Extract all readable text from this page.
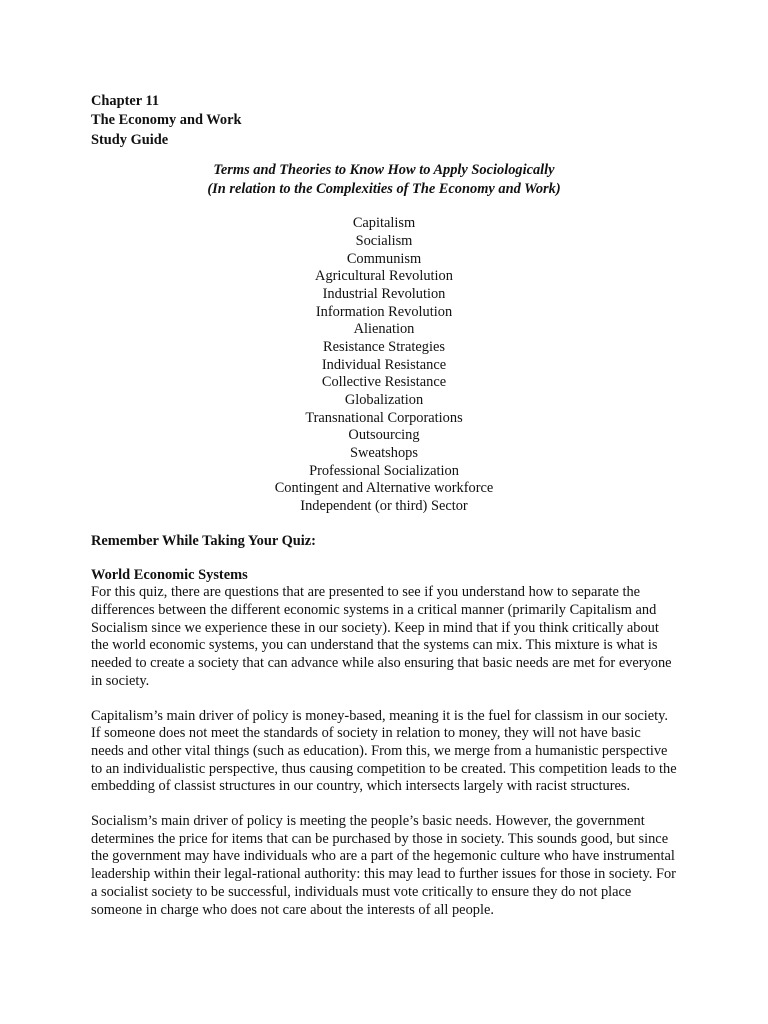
Chapter 11

The Economy and Work

Study Guide

Terms and Theories to Know How to Apply Sociologically
(In relation to the Complexities of The Economy and Work)
Capitalism
Socialism
Communism
Agricultural Revolution
Industrial Revolution
Information Revolution
Alienation
Resistance Strategies
Individual Resistance
Collective Resistance
Globalization
Transnational Corporations
Outsourcing
Sweatshops
Professional Socialization
Contingent and Alternative workforce
Independent (or third) Sector

Remember While Taking Your Quiz:

World Economic Systems

For this quiz, there are questions that are presented to see if you understand how to separate the differences between the different economic systems in a critical manner (primarily Capitalism and Socialism since we experience these in our society). Keep in mind that if you think critically about the world economic systems, you can understand that the systems can mix. This mixture is what is needed to create a society that can advance while also ensuring that basic needs are met for everyone in society.

Capitalism’s main driver of policy is money-based, meaning it is the fuel for classism in our society. If someone does not meet the standards of society in relation to money, they will not have basic needs and other vital things (such as education). From this, we merge from a humanistic perspective to an individualistic perspective, thus causing competition to be created. This competition leads to the embedding of classist structures in our country, which intersects largely with racist structures.

Socialism’s main driver of policy is meeting the people’s basic needs. However, the government determines the price for items that can be purchased by those in society. This sounds good, but since the government may have individuals who are a part of the hegemonic culture who have instrumental leadership within their legal-rational authority: this may lead to further issues for those in society. For a socialist society to be successful, individuals must vote critically to ensure they do not place someone in charge who does not care about the interests of all people.
